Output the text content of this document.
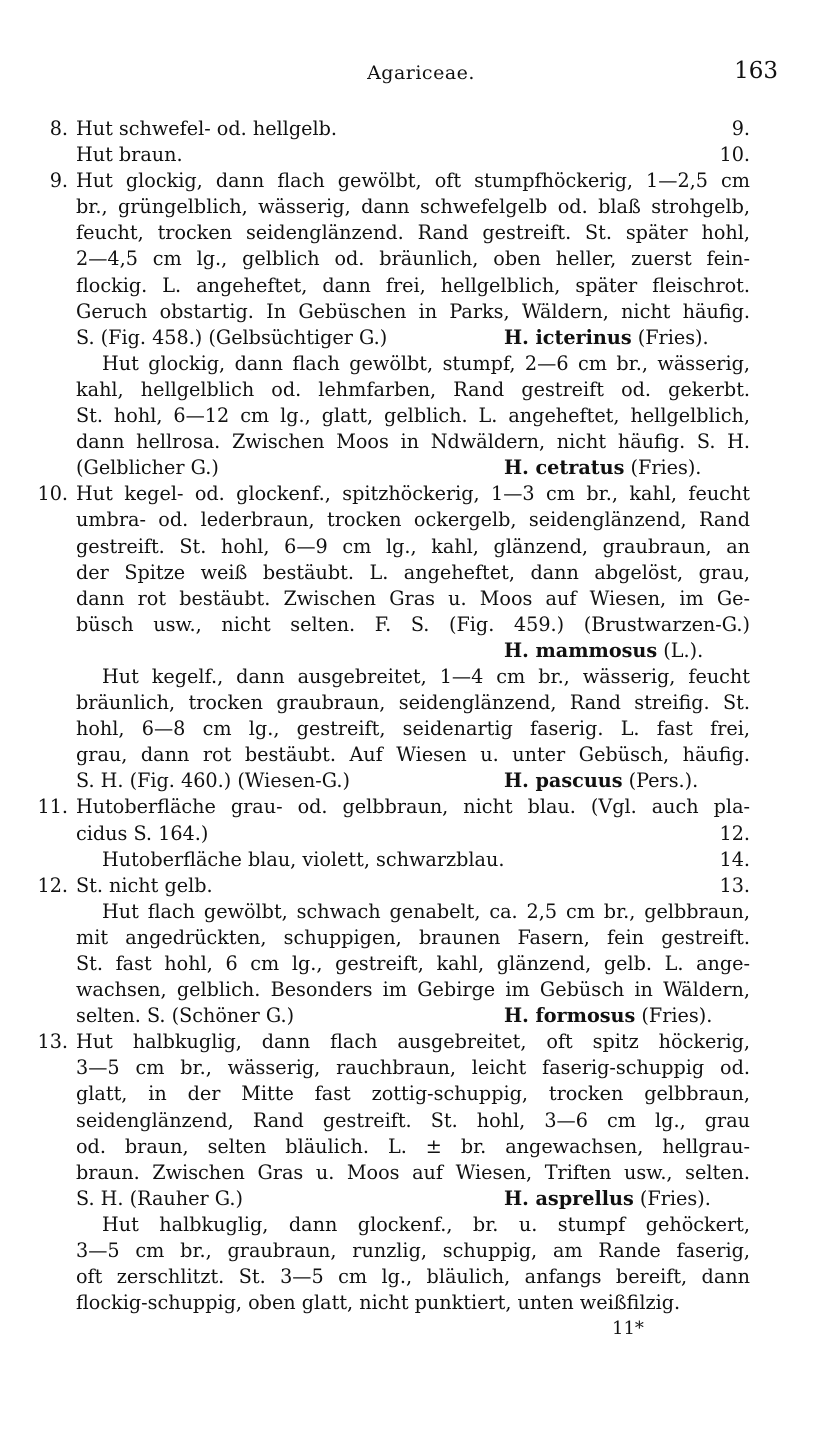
Agariceae.	163
8. Hut schwefel- od. hellgelb.	9.
Hut braun.	10.
9. Hut glockig, dann flach gewölbt, oft stumpfhöckerig, 1—2,5 cm
br., grüngelblich, wässerig, dann schwefelgelb od. blaß strohgelb,
feucht, trocken seidenglänzend. Rand gestreift. St. später hohl,
2—4,5 cm lg., gelblich od. bräunlich, oben heller, zuerst fein-
flockig. L. angeheftet, dann frei, hellgelblich, später fleischrot.
Geruch obstartig. In Gebüschen in Parks, Wäldern, nicht häufig.
S. (Fig. 458.) (Gelbsüchtiger G.)	H. icterinus (Fries).
Hut glockig, dann flach gewölbt, stumpf, 2—6 cm br., wässerig,
kahl, hellgelblich od. lehmfarben, Rand gestreift od. gekerbt.
St. hohl, 6—12 cm lg., glatt, gelblich. L. angeheftet, hellgelblich,
dann hellrosa. Zwischen Moos in Ndwäldern, nicht häufig. S. H.
(Gelblicher G.)	H. cetratus (Fries).
10. Hut kegel- od. glockenf., spitzhöckerig, 1—3 cm br., kahl, feucht
umbra- od. lederbraun, trocken ockergelb, seidenglänzend, Rand
gestreift. St. hohl, 6—9 cm lg., kahl, glänzend, graubraun, an
der Spitze weiß bestäubt. L. angeheftet, dann abgelöst, grau,
dann rot bestäubt. Zwischen Gras u. Moos auf Wiesen, im Ge-
büsch usw., nicht selten. F. S. (Fig. 459.) (Brustwarzen-G.)
H. mammosus (L.).
Hut kegelf., dann ausgebreitet, 1—4 cm br., wässerig, feucht
bräunlich, trocken graubraun, seidenglänzend, Rand streifig. St.
hohl, 6—8 cm lg., gestreift, seidenartig faserig. L. fast frei,
grau, dann rot bestäubt. Auf Wiesen u. unter Gebüsch, häufig.
S. H. (Fig. 460.) (Wiesen-G.)	H. pascuus (Pers.).
11. Hutoberfläche grau- od. gelbbraun, nicht blau. (Vgl. auch pla-
cidus S. 164.)	12.
Hutoberfläche blau, violett, schwarzblau.	14.
12. St. nicht gelb.	13.
Hut flach gewölbt, schwach genabelt, ca. 2,5 cm br., gelbbraun,
mit angedrückten, schuppigen, braunen Fasern, fein gestreift.
St. fast hohl, 6 cm lg., gestreift, kahl, glänzend, gelb. L. ange-
wachsen, gelblich. Besonders im Gebirge im Gebüsch in Wäldern,
selten. S. (Schöner G.)	H. formosus (Fries).
13. Hut halbkuglig, dann flach ausgebreitet, oft spitz höckerig,
3—5 cm br., wässerig, rauchbraun, leicht faserig-schuppig od.
glatt, in der Mitte fast zottig-schuppig, trocken gelbbraun,
seidenglänzend, Rand gestreift. St. hohl, 3—6 cm lg., grau
od. braun, selten bläulich. L. ± br. angewachsen, hellgrau-
braun. Zwischen Gras u. Moos auf Wiesen, Triften usw., selten.
S. H. (Rauher G.)	H. asprellus (Fries).
Hut halbkuglig, dann glockenf., br. u. stumpf gehöckert,
3—5 cm br., graubraun, runzlig, schuppig, am Rande faserig,
oft zerschlitzt. St. 3—5 cm lg., bläulich, anfangs bereift, dann
flockig-schuppig, oben glatt, nicht punktiert, unten weißfilzig.
11*
